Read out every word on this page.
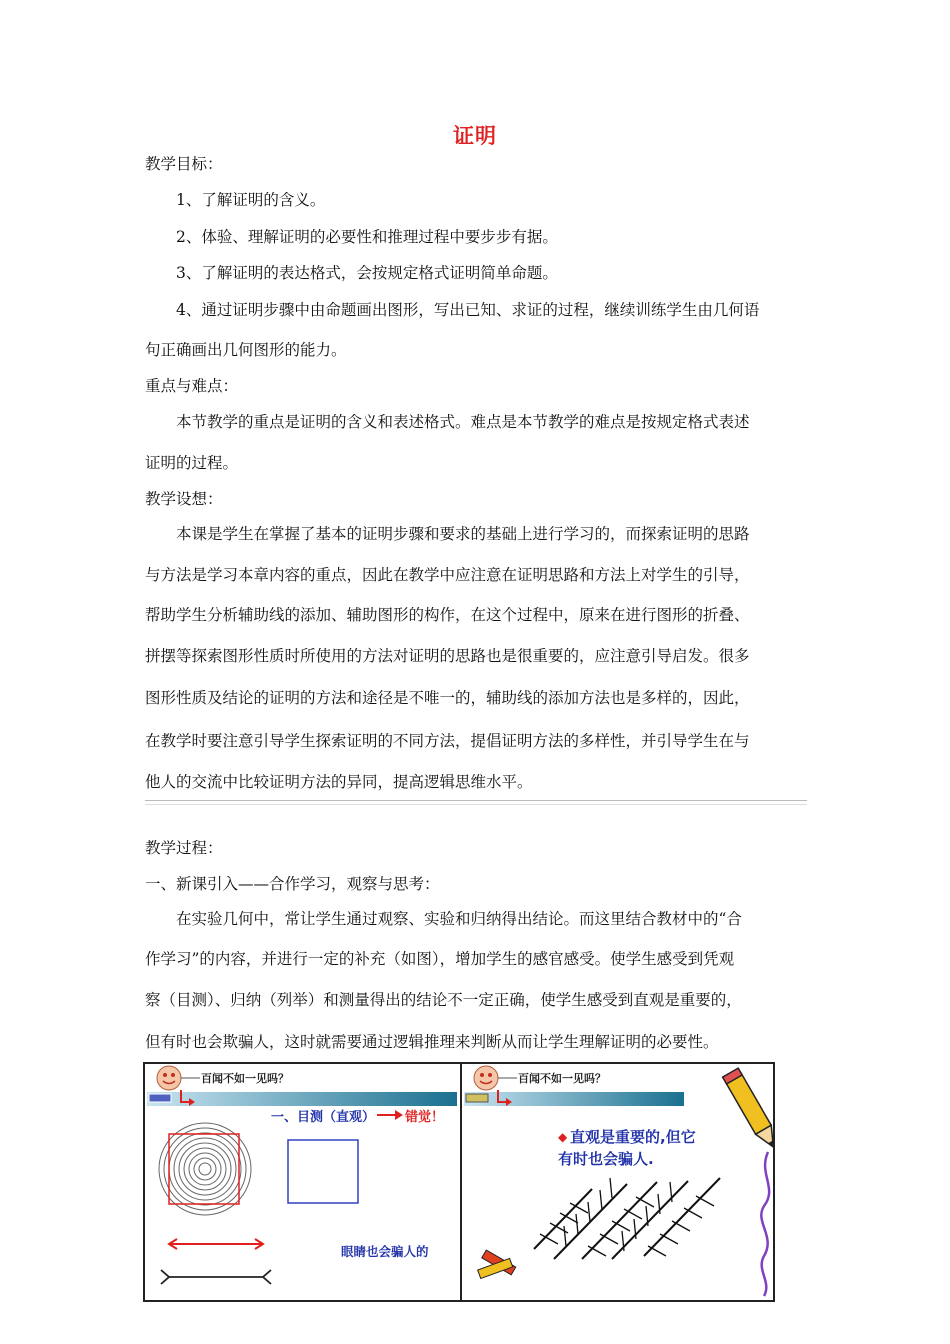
证明
教学目标：
1、了解证明的含义。
2、体验、理解证明的必要性和推理过程中要步步有据。
3、了解证明的表达格式，会按规定格式证明简单命题。
4、通过证明步骤中由命题画出图形，写出已知、求证的过程，继续训练学生由几何语
句正确画出几何图形的能力。
重点与难点：
本节教学的重点是证明的含义和表述格式。难点是本节教学的难点是按规定格式表述
证明的过程。
教学设想：
本课是学生在掌握了基本的证明步骤和要求的基础上进行学习的，而探索证明的思路
与方法是学习本章内容的重点，因此在教学中应注意在证明思路和方法上对学生的引导，
帮助学生分析辅助线的添加、辅助图形的构作，在这个过程中，原来在进行图形的折叠、
拼摆等探索图形性质时所使用的方法对证明的思路也是很重要的，应注意引导启发。很多
图形性质及结论的证明的方法和途径是不唯一的，辅助线的添加方法也是多样的，因此，
在教学时要注意引导学生探索证明的不同方法，提倡证明方法的多样性，并引导学生在与
他人的交流中比较证明方法的异同，提高逻辑思维水平。
教学过程：
一、新课引入——合作学习，观察与思考：
在实验几何中，常让学生通过观察、实验和归纳得出结论。而这里结合教材中的“合
作学习”的内容，并进行一定的补充（如图），增加学生的感官感受。使学生感受到凭观
察（目测）、归纳（列举）和测量得出的结论不一定正确，使学生感受到直观是重要的，
但有时也会欺骗人，这时就需要通过逻辑推理来判断从而让学生理解证明的必要性。
百闻不如一见吗？
一、目测（直观） 错觉！
眼睛也会骗人的
百闻不如一见吗？
◆ 直观是重要的,但它
有时也会骗人.
